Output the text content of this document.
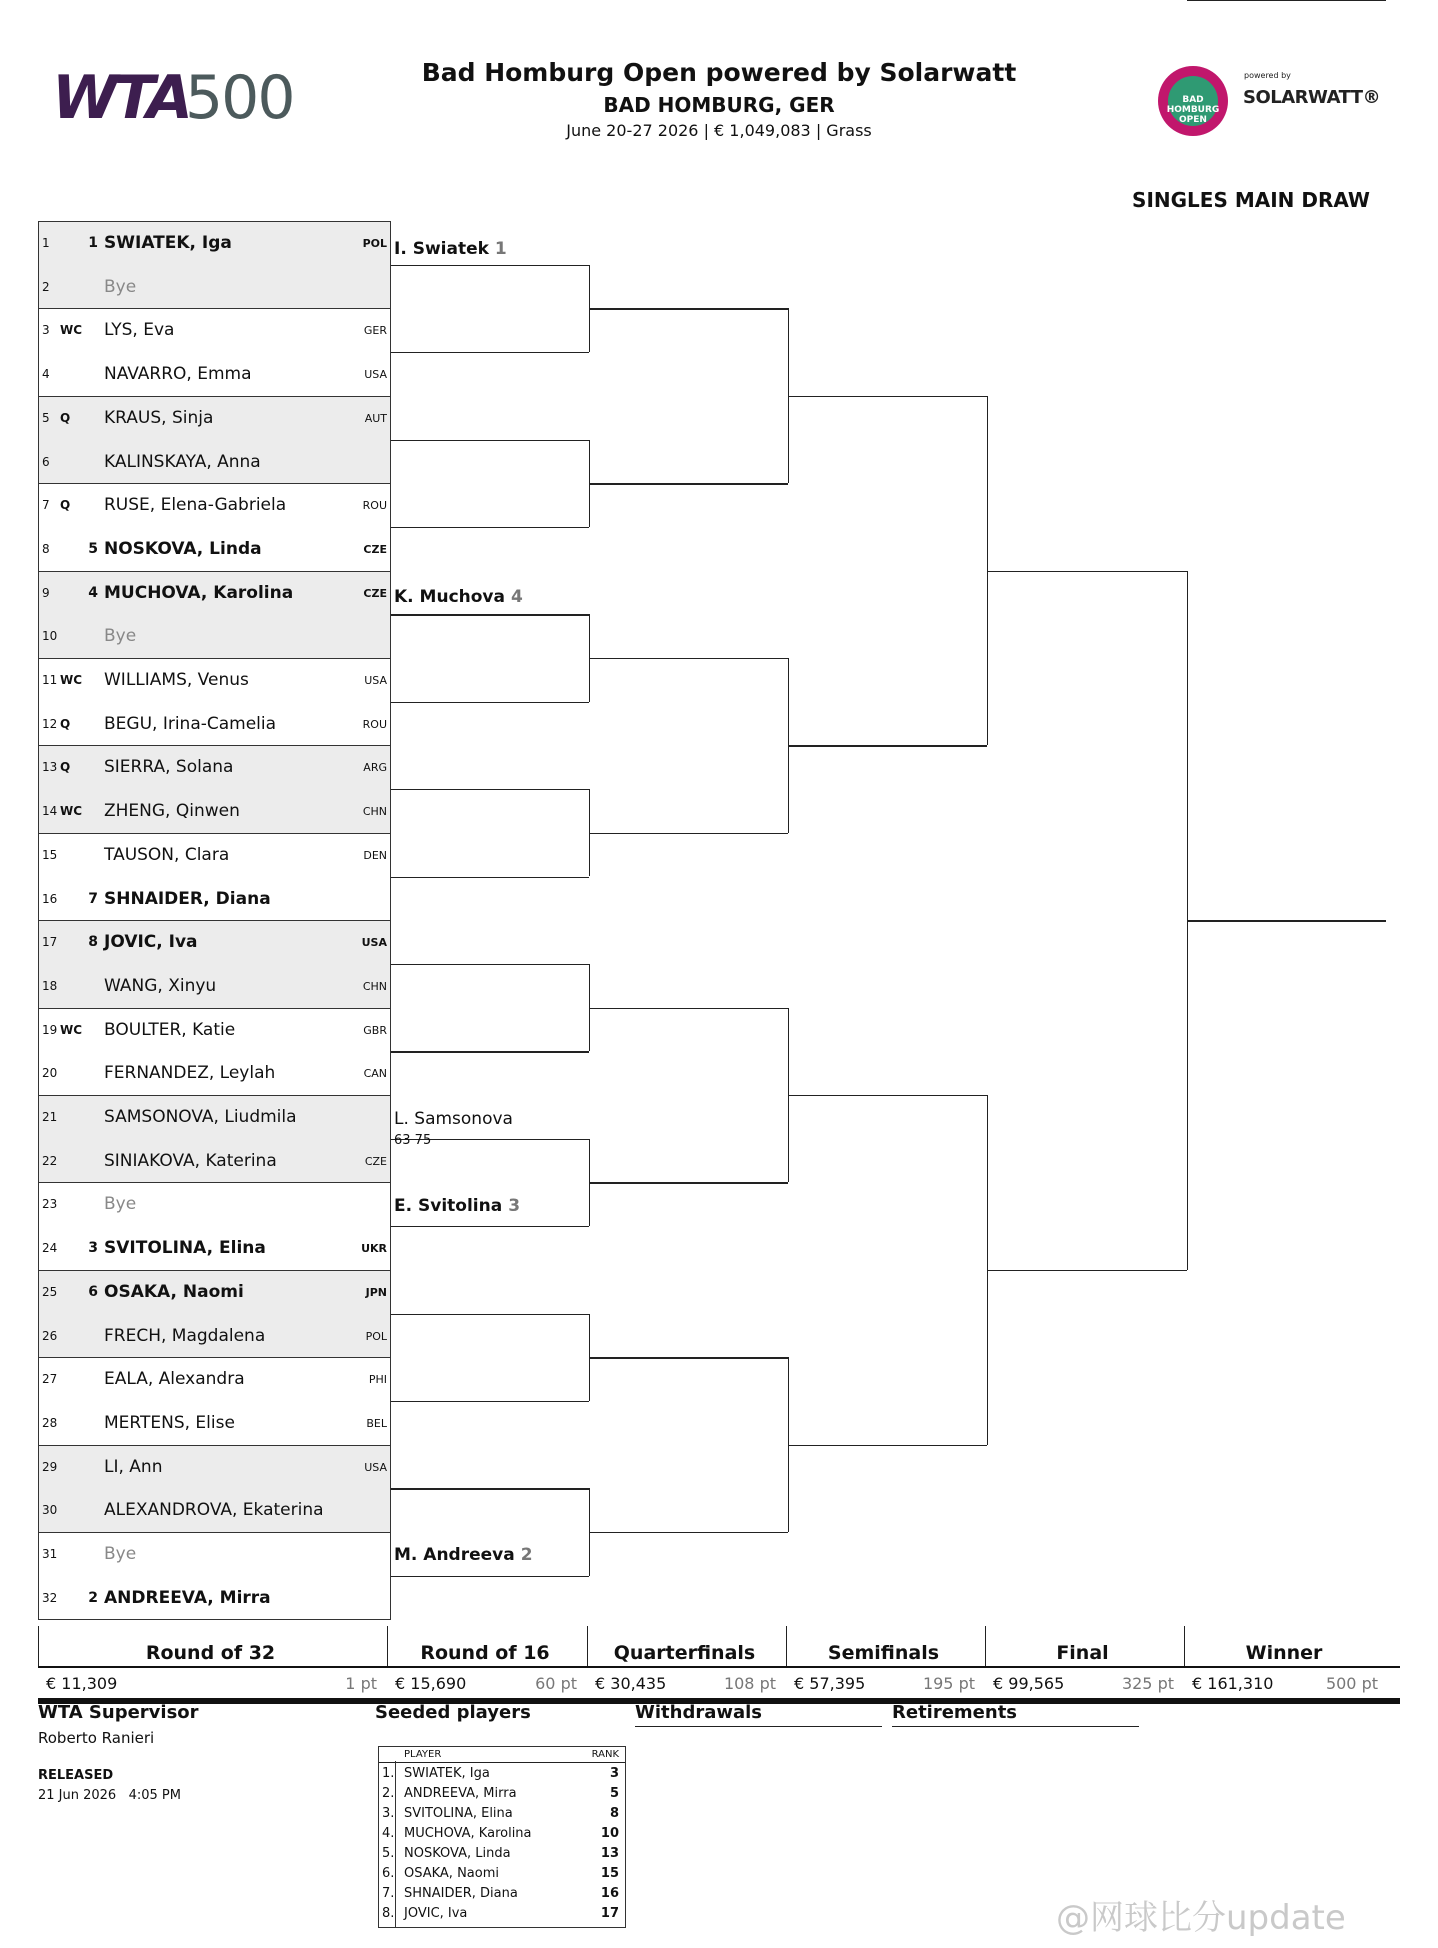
WTA
500	Bad Homburg Open powered by Solarwatt
BAD HOMBURG, GER
June 20-27 2026 | € 1,049,083 | Grass
BAD HOMBURG OPEN
powered by
SOLARWATT®
SINGLES MAIN DRAW
1	1 SWIATEK, Iga	POL
2	Bye
3 WC LYS, Eva	GER
4	NAVARRO, Emma	USA
5 Q KRAUS, Sinja	AUT
6	KALINSKAYA, Anna
7 Q RUSE, Elena-Gabriela	ROU
8	5 NOSKOVA, Linda	CZE
9	4 MUCHOVA, Karolina	CZE
10	Bye
11 WC WILLIAMS, Venus	USA
12 Q BEGU, Irina-Camelia	ROU
13 Q SIERRA, Solana	ARG
14 WC ZHENG, Qinwen	CHN
15	TAUSON, Clara	DEN
16	7 SHNAIDER, Diana
17	8 JOVIC, Iva	USA
18	WANG, Xinyu	CHN
19 WC BOULTER, Katie	GBR
20	FERNANDEZ, Leylah	CAN
21	SAMSONOVA, Liudmila
22	SINIAKOVA, Katerina	CZE
23	Bye
24	3 SVITOLINA, Elina	UKR
25	6 OSAKA, Naomi	JPN
26	FRECH, Magdalena	POL
27	EALA, Alexandra	PHI
28	MERTENS, Elise	BEL
29	LI, Ann	USA
30	ALEXANDROVA, Ekaterina
31	Bye
32	2 ANDREEVA, Mirra
I. Swiatek 1
K. Muchova 4
L. Samsonova
63 75
E. Svitolina 3
M. Andreeva 2
Round of 32
€ 11,309	1 pt
Round of 16
€ 15,690	60 pt
Quarterfinals
€ 30,435	108 pt
Semifinals
€ 57,395	195 pt
Final
€ 99,565	325 pt
Winner
€ 161,310	500 pt
WTA Supervisor
Roberto Ranieri
RELEASED
21 Jun 2026   4:05 PM
Seeded players	Withdrawals	Retirements
PLAYER	RANK
1. SWIATEK, Iga	3
2. ANDREEVA, Mirra	5
3. SVITOLINA, Elina	8
4. MUCHOVA, Karolina	10
5. NOSKOVA, Linda	13
6. OSAKA, Naomi	15
7. SHNAIDER, Diana	16
8. JOVIC, Iva	17	@网球比分update
